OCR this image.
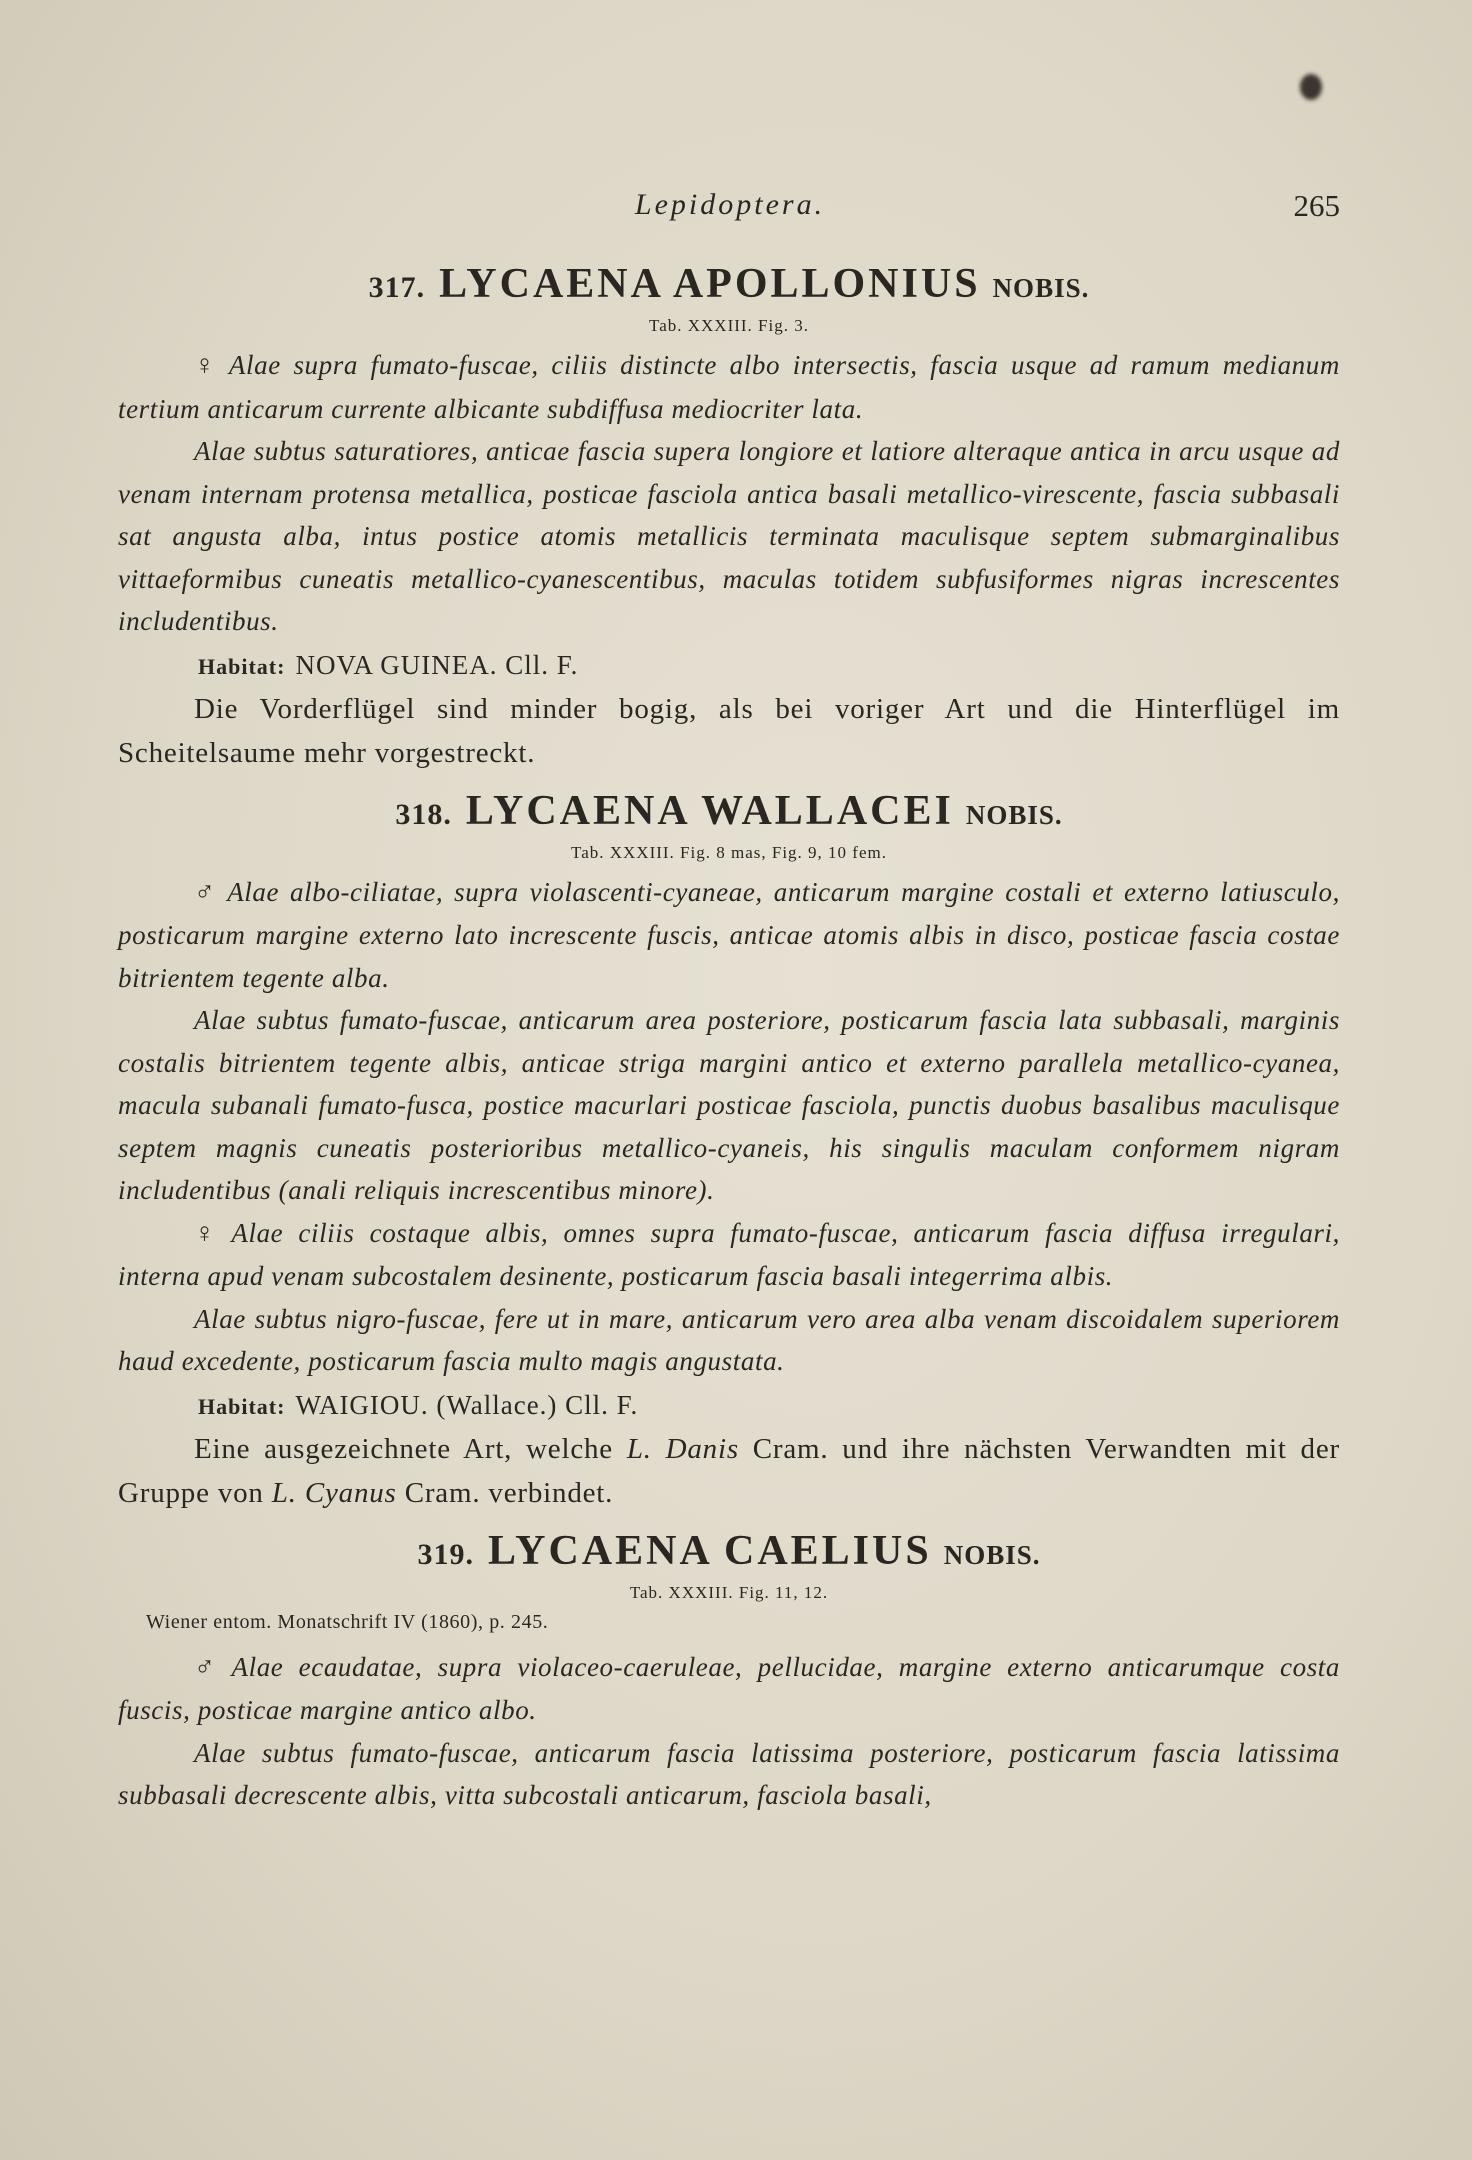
Lepidoptera.	265
317. LYCAENA APOLLONIUS NOBIS.
Tab. XXXIII. Fig. 3.

♀ Alae supra fumato-fuscae, ciliis distincte albo intersectis, fascia usque ad ramum medianum tertium anticarum currente albicante subdiffusa mediocriter lata.

Alae subtus saturatiores, anticae fascia supera longiore et latiore alteraque antica in arcu usque ad venam internam protensa metallica, posticae fasciola antica basali metallico-virescente, fascia subbasali sat angusta alba, intus postice atomis metallicis terminata maculisque septem submarginalibus vittaeformibus cuneatis metallico-cyanescentibus, maculas totidem subfusiformes nigras increscentes includentibus.

Habitat: NOVA GUINEA. Cll. F.

Die Vorderflügel sind minder bogig, als bei voriger Art und die Hinterflügel im Scheitelsaume mehr vorgestreckt.

318. LYCAENA WALLACEI NOBIS.
Tab. XXXIII. Fig. 8 mas, Fig. 9, 10 fem.

♂ Alae albo-ciliatae, supra violascenti-cyaneae, anticarum margine costali et externo latiusculo, posticarum margine externo lato increscente fuscis, anticae atomis albis in disco, posticae fascia costae bitrientem tegente alba.

Alae subtus fumato-fuscae, anticarum area posteriore, posticarum fascia lata subbasali, marginis costalis bitrientem tegente albis, anticae striga margini antico et externo parallela metallico-cyanea, macula subanali fumato-fusca, postice macurlari posticae fasciola, punctis duobus basalibus maculisque septem magnis cuneatis posterioribus metallico-cyaneis, his singulis maculam conformem nigram includentibus (anali reliquis increscentibus minore).

♀ Alae ciliis costaque albis, omnes supra fumato-fuscae, anticarum fascia diffusa irregulari, interna apud venam subcostalem desinente, posticarum fascia basali integerrima albis.

Alae subtus nigro-fuscae, fere ut in mare, anticarum vero area alba venam discoidalem superiorem haud excedente, posticarum fascia multo magis angustata.

Habitat: WAIGIOU. (Wallace.) Cll. F.

Eine ausgezeichnete Art, welche L. Danis Cram. und ihre nächsten Verwandten mit der Gruppe von L. Cyanus Cram. verbindet.

319. LYCAENA CAELIUS NOBIS.
Tab. XXXIII. Fig. 11, 12.
Wiener entom. Monatschrift IV (1860), p. 245.

♂ Alae ecaudatae, supra violaceo-caeruleae, pellucidae, margine externo anticarumque costa fuscis, posticae margine antico albo.

Alae subtus fumato-fuscae, anticarum fascia latissima posteriore, posticarum fascia latissima subbasali decrescente albis, vitta subcostali anticarum, fasciola basali,
